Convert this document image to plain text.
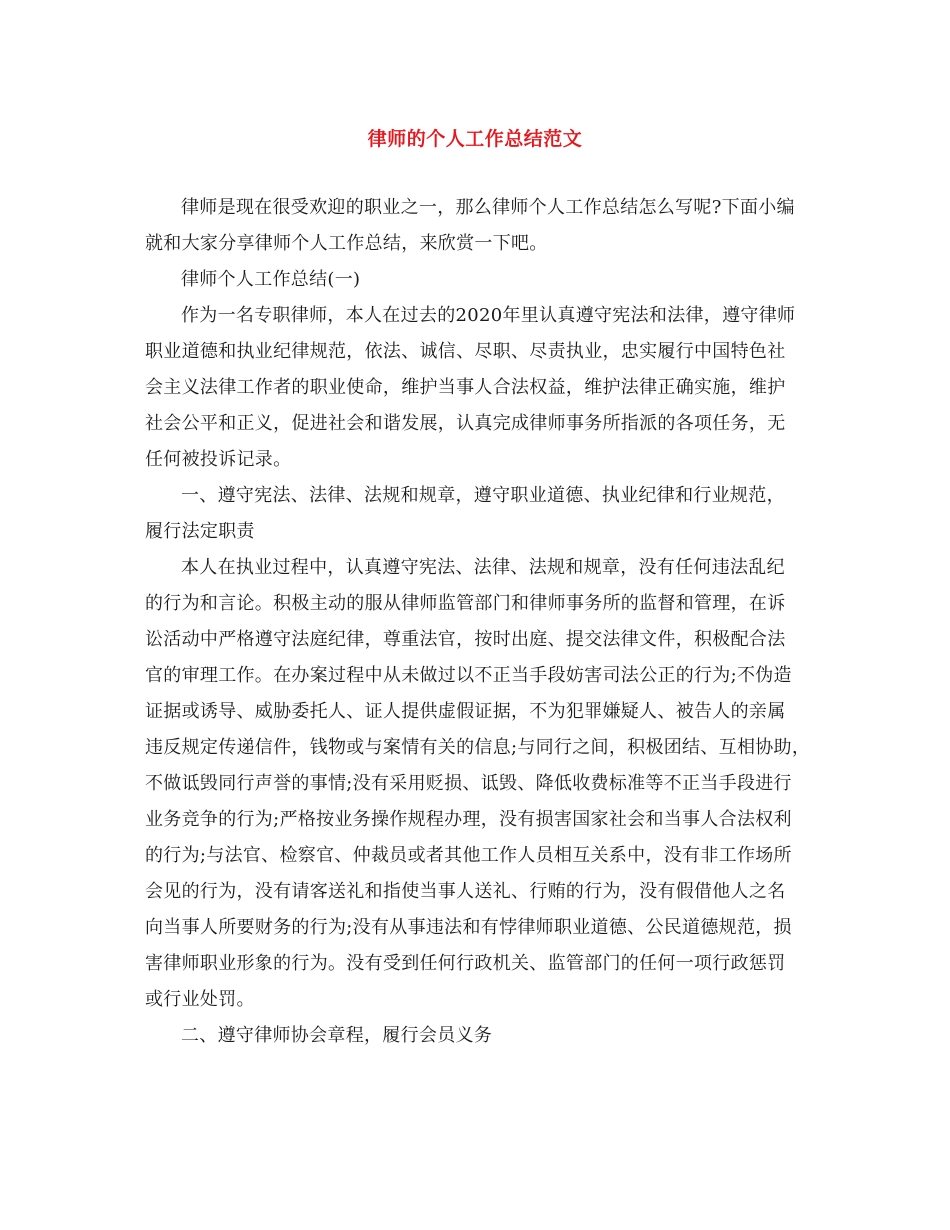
律师的个人工作总结范文
律师是现在很受欢迎的职业之一，那么律师个人工作总结怎么写呢?下面小编
就和大家分享律师个人工作总结，来欣赏一下吧。
律师个人工作总结(一)
作为一名专职律师，本人在过去的2020年里认真遵守宪法和法律，遵守律师
职业道德和执业纪律规范，依法、诚信、尽职、尽责执业，忠实履行中国特色社
会主义法律工作者的职业使命，维护当事人合法权益，维护法律正确实施，维护
社会公平和正义，促进社会和谐发展，认真完成律师事务所指派的各项任务，无
任何被投诉记录。
一、遵守宪法、法律、法规和规章，遵守职业道德、执业纪律和行业规范，
履行法定职责
本人在执业过程中，认真遵守宪法、法律、法规和规章，没有任何违法乱纪
的行为和言论。积极主动的服从律师监管部门和律师事务所的监督和管理，在诉
讼活动中严格遵守法庭纪律，尊重法官，按时出庭、提交法律文件，积极配合法
官的审理工作。在办案过程中从未做过以不正当手段妨害司法公正的行为;不伪造
证据或诱导、威胁委托人、证人提供虚假证据，不为犯罪嫌疑人、被告人的亲属
违反规定传递信件，钱物或与案情有关的信息;与同行之间，积极团结、互相协助，
不做诋毁同行声誉的事情;没有采用贬损、诋毁、降低收费标准等不正当手段进行
业务竞争的行为;严格按业务操作规程办理，没有损害国家社会和当事人合法权利
的行为;与法官、检察官、仲裁员或者其他工作人员相互关系中，没有非工作场所
会见的行为，没有请客送礼和指使当事人送礼、行贿的行为，没有假借他人之名
向当事人所要财务的行为;没有从事违法和有悖律师职业道德、公民道德规范，损
害律师职业形象的行为。没有受到任何行政机关、监管部门的任何一项行政惩罚
或行业处罚。
二、遵守律师协会章程，履行会员义务
